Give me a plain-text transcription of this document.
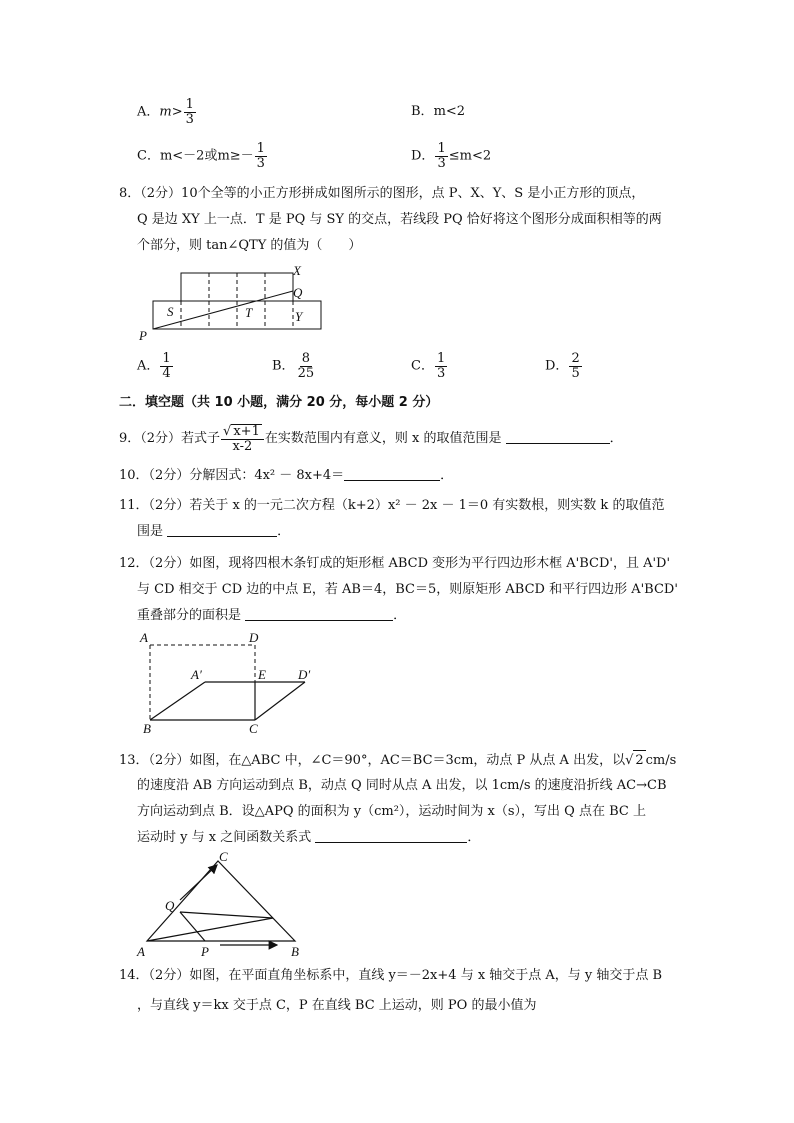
A．$m> \frac{1}{3}$	B．m<2
C．m<－2或$m\ge- \frac{1}{3}$	D． $\frac{1}{3} \le m<2$
8．（2分）10个全等的小正方形拼成如图所示的图形，点 P、X、Y、S 是小正方形的顶点，
Q 是边 XY 上一点．T 是 PQ 与 SY 的交点，若线段 PQ 恰好将这个图形分成面积相等的两
个部分，则 tan∠QTY 的值为（　　）
X
Q
Y
S	T
P
A． $\frac{1}{4}$	B． $\frac{8}{25}$	C． $\frac{1}{3}$	D． $\frac{2}{5}$
二．填空题（共 10 小题，满分 20 分，每小题 2 分）
9．（2分）若式子 $\frac{√ x+1}{x-2}$ 在实数范围内有意义，则 x 的取值范围是	．
10．（2分）分解因式：4x² － 8x+4＝	．
11．（2分）若关于 x 的一元二次方程（k+2）x² － 2x － 1＝0 有实数根，则实数 k 的取值范
围是	．
12．（2分）如图，现将四根木条钉成的矩形框 ABCD 变形为平行四边形木框 A'BCD'，且 A'D'
与 CD 相交于 CD 边的中点 E，若 AB＝4，BC＝5，则原矩形 ABCD 和平行四边形 A'BCD'
重叠部分的面积是	．
A	D
A′	E D′
B	C
13．（2分）如图，在△ABC 中，∠C＝90°，AC＝BC＝3cm，动点 P 从点 A 出发，以√ 2 cm/s
的速度沿 AB 方向运动到点 B，动点 Q 同时从点 A 出发，以 1cm/s 的速度沿折线 AC→CB
方向运动到点 B．设△APQ 的面积为 y（cm²），运动时间为 x（s），写出 Q 点在 BC 上
运动时 y 与 x 之间函数关系式	．
C
Q
A	P	B
14．（2分）如图，在平面直角坐标系中，直线 y＝－2x+4 与 x 轴交于点 A，与 y 轴交于点 B
，与直线 y＝kx 交于点 C，P 在直线 BC 上运动，则 PO 的最小值为
